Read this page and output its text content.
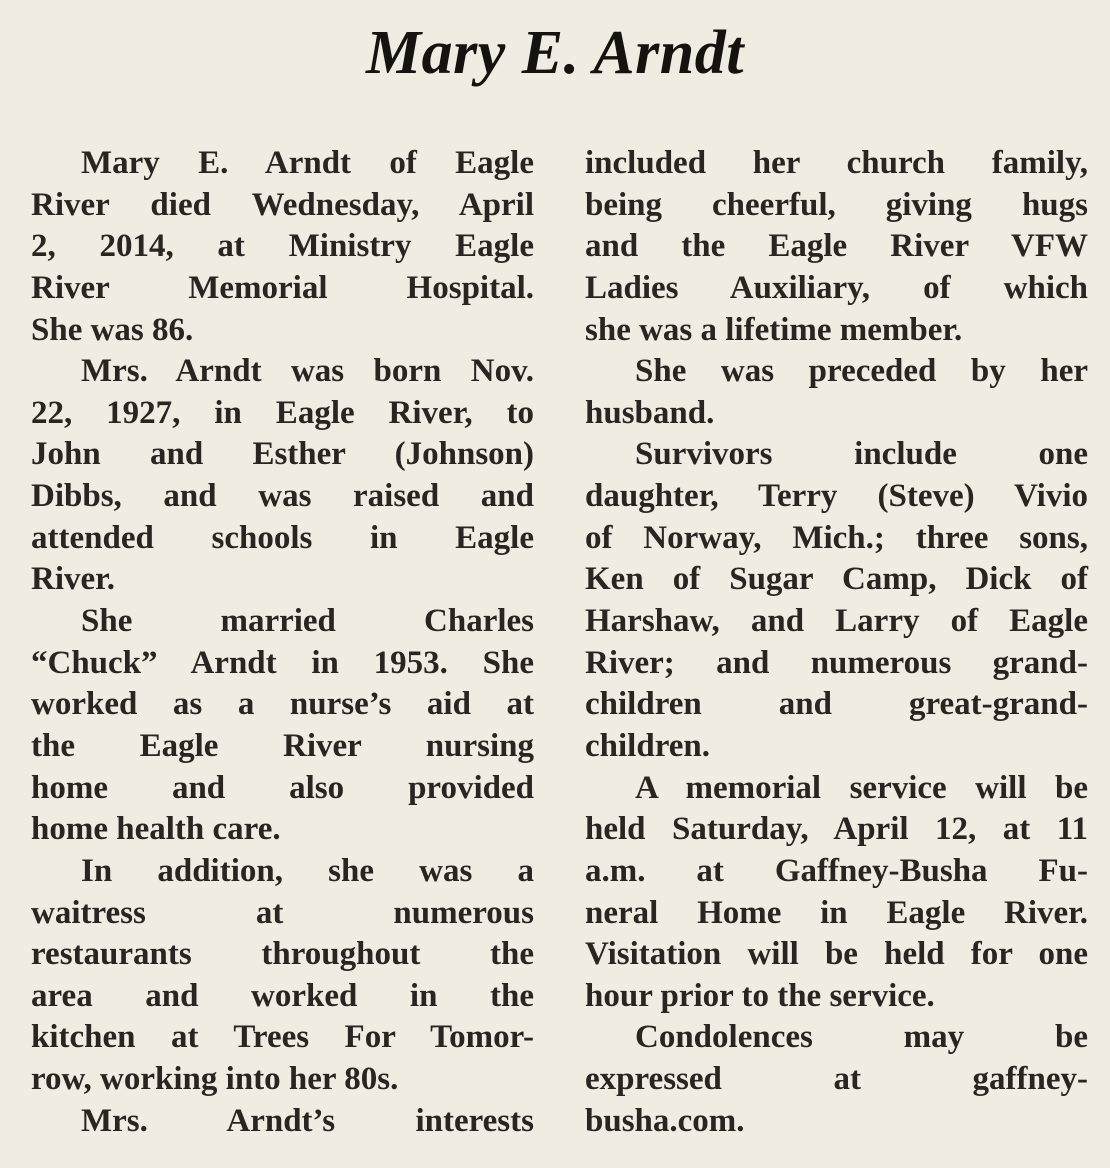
Mary E. Arndt
Mary E. Arndt of Eagle
River died Wednesday, April
2, 2014, at Ministry Eagle
River Memorial Hospital.
She was 86.
Mrs. Arndt was born Nov.
22, 1927, in Eagle River, to
John and Esther (Johnson)
Dibbs, and was raised and
attended schools in Eagle
River.
She married Charles
“Chuck” Arndt in 1953. She
worked as a nurse’s aid at
the Eagle River nursing
home and also provided
home health care.
In addition, she was a
waitress at numerous
restaurants throughout the
area and worked in the
kitchen at Trees For Tomor-
row, working into her 80s.
Mrs. Arndt’s interests
included her church family,
being cheerful, giving hugs
and the Eagle River VFW
Ladies Auxiliary, of which
she was a lifetime member.
She was preceded by her
husband.
Survivors include one
daughter, Terry (Steve) Vivio
of Norway, Mich.; three sons,
Ken of Sugar Camp, Dick of
Harshaw, and Larry of Eagle
River; and numerous grand-
children and great-grand-
children.
A memorial service will be
held Saturday, April 12, at 11
a.m. at Gaffney-Busha Fu-
neral Home in Eagle River.
Visitation will be held for one
hour prior to the service.
Condolences may be
expressed at gaffney-
busha.com.
